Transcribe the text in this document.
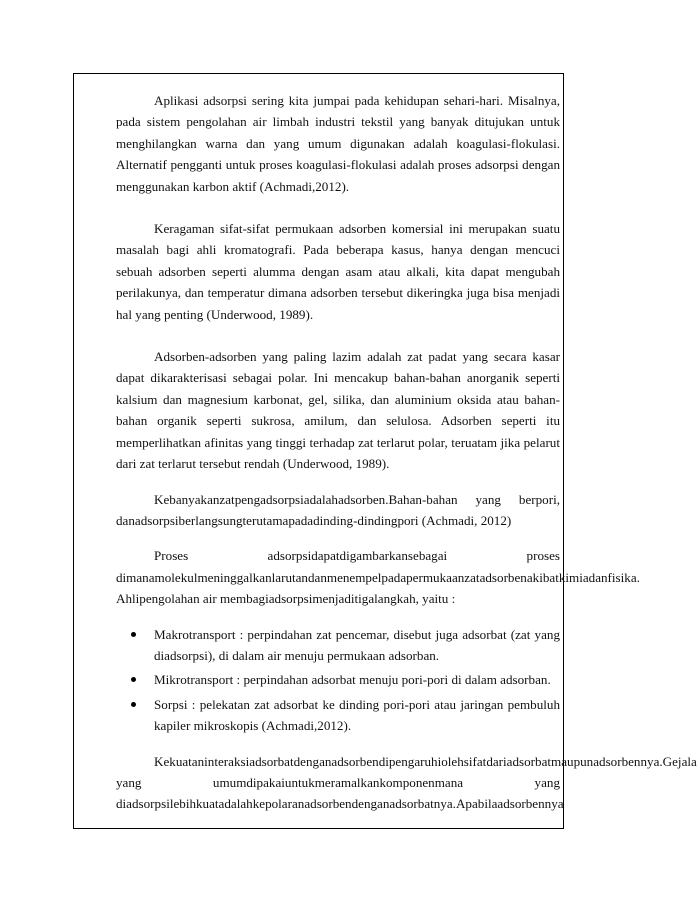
Aplikasi adsorpsi sering kita jumpai pada kehidupan sehari-hari. Misalnya, pada sistem pengolahan air limbah industri tekstil yang banyak ditujukan untuk menghilangkan warna dan yang umum digunakan adalah koagulasi-flokulasi. Alternatif pengganti untuk proses koagulasi-flokulasi adalah proses adsorpsi dengan menggunakan karbon aktif (Achmadi,2012).

Keragaman sifat-sifat permukaan adsorben komersial ini merupakan suatu masalah bagi ahli kromatografi. Pada beberapa kasus, hanya dengan mencuci sebuah adsorben seperti alumma dengan asam atau alkali, kita dapat mengubah perilakunya, dan temperatur dimana adsorben tersebut dikeringka juga bisa menjadi hal yang penting (Underwood, 1989).

Adsorben-adsorben yang paling lazim adalah zat padat yang secara kasar dapat dikarakterisasi sebagai polar. Ini mencakup bahan-bahan anorganik seperti kalsium dan magnesium karbonat, gel, silika, dan aluminium oksida atau bahan-bahan organik seperti sukrosa, amilum, dan selulosa. Adsorben seperti itu memperlihatkan afinitas yang tinggi terhadap zat terlarut polar, teruatam jika pelarut dari zat terlarut tersebut rendah (Underwood, 1989).

Kebanyakanzatpengadsorpsiadalahadsorben.Bahan-bahan yang berpori, danadsorpsiberlangsungterutamapadadinding-dindingpori (Achmadi, 2012)

Proses adsorpsidapatdigambarkansebagai proses dimanamolekulmeninggalkanlarutandanmenempelpadapermukaanzatadsorbenakibatkimiadanfisika. Ahlipengolahan air membagiadsorpsimenjaditigalangkah, yaitu :

Makrotransport : perpindahan zat pencemar, disebut juga adsorbat (zat yang diadsorpsi), di dalam air menuju permukaan adsorban.
Mikrotransport : perpindahan adsorbat menuju pori-pori di dalam adsorban.
Sorpsi : pelekatan zat adsorbat ke dinding pori-pori atau jaringan pembuluh kapiler mikroskopis (Achmadi,2012).

Kekuataninteraksiadsorbatdenganadsorbendipengaruhiolehsifatdariadsorbatmaupunadsorbennya.Gejala yang umumdipakaiuntukmeramalkankomponenmana yang diadsorpsilebihkuatadalahkepolaranadsorbendenganadsorbatnya.Apabilaadsorbennya
